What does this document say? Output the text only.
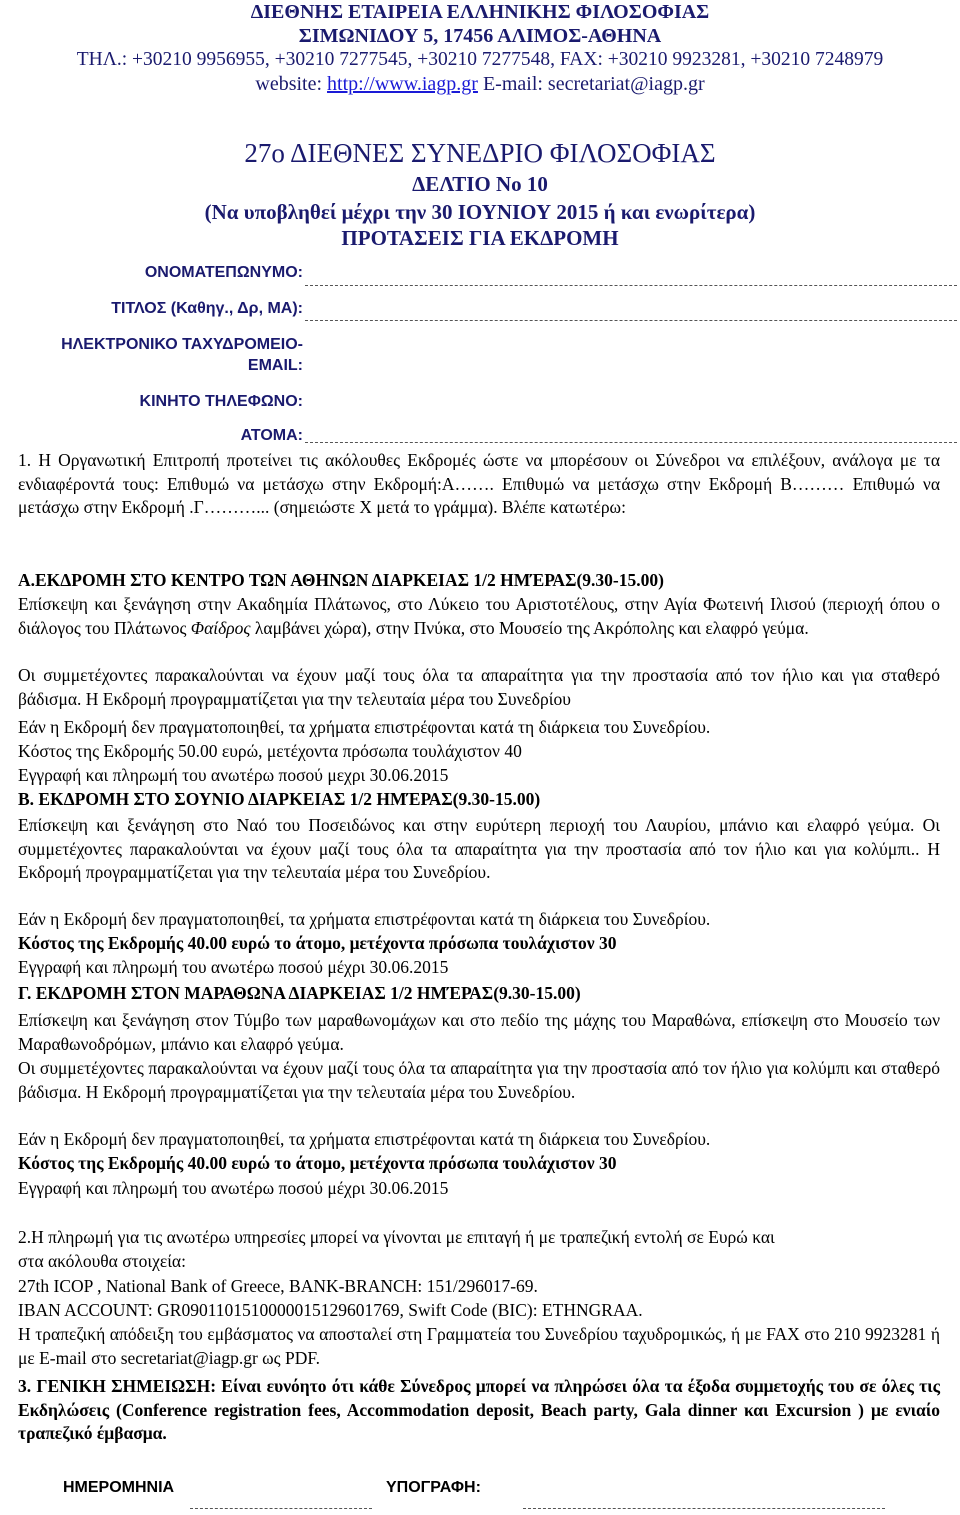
ΔΙΕΘΝΗΣ ΕΤΑΙΡΕΙΑ ΕΛΛΗΝΙΚΗΣ ΦΙΛΟΣΟΦΙΑΣ
ΣΙΜΩΝΙΔΟΥ 5, 17456 ΑΛΙΜΟΣ-ΑΘΗΝΑ
ΤΗΛ.: +30210 9956955, +30210 7277545, +30210 7277548, FAX: +30210 9923281, +30210 7248979
website: http://www.iagp.gr E-mail: secretariat@iagp.gr
27ο ΔΙΕΘΝΕΣ ΣΥΝΕΔΡΙΟ ΦΙΛΟΣΟΦΙΑΣ
ΔΕΛΤΙΟ Νο 10
(Να υποβληθεί μέχρι την 30 ΙΟΥΝΙΟΥ 2015 ή και ενωρίτερα)
ΠΡΟΤΑΣΕΙΣ ΓΙΑ ΕΚΔΡΟΜΗ
ΟΝΟΜΑΤΕΠΩΝΥΜΟ:
ΤΙΤΛΟΣ (Καθηγ., Δρ, ΜΑ):
ΗΛΕΚΤΡΟΝΙΚΟ ΤΑΧΥΔΡΟΜΕΙΟ-
EMAIL:
ΚΙΝΗΤΟ ΤΗΛΕΦΩΝΟ:
ΑΤΟΜΑ:
1. Η Οργανωτική Επιτροπή προτείνει τις ακόλουθες Εκδρομές ώστε να μπορέσουν οι Σύνεδροι να επιλέξουν, ανάλογα με τα ενδιαφέροντά τους: Επιθυμώ να μετάσχω στην Εκδρομή:Α……. Επιθυμώ να μετάσχω στην Εκδρομή Β……… Επιθυμώ να μετάσχω στην Εκδρομή .Γ………... (σημειώστε Χ μετά το γράμμα). Βλέπε κατωτέρω:
Α.ΕΚΔΡΟΜΗ ΣΤΟ ΚΕΝΤΡΟ ΤΩΝ ΑΘΗΝΩΝ ΔΙΑΡΚΕΙΑΣ 1/2 ΗΜΈΡΑΣ(9.30-15.00)
Επίσκεψη και ξενάγηση στην Ακαδημία Πλάτωνος, στο Λύκειο του Αριστοτέλους, στην Αγία Φωτεινή Ιλισού (περιοχή όπου ο διάλογος του Πλάτωνος Φαίδρος λαμβάνει χώρα), στην Πνύκα, στο Μουσείο της Ακρόπολης και ελαφρό γεύμα.
Οι συμμετέχοντες παρακαλούνται να έχουν μαζί τους όλα τα απαραίτητα για την προστασία από τον ήλιο και για σταθερό βάδισμα. Η Εκδρομή προγραμματίζεται για την τελευταία μέρα του Συνεδρίου
Εάν η Εκδρομή δεν πραγματοποιηθεί, τα χρήματα επιστρέφονται κατά τη διάρκεια του Συνεδρίου.
Κόστος της Εκδρομής 50.00 ευρώ, μετέχοντα πρόσωπα τουλάχιστον 40
Εγγραφή και πληρωμή του ανωτέρω ποσού μεχρι 30.06.2015
Β. ΕΚΔΡΟΜΗ ΣΤΟ ΣΟΥΝΙΟ ΔΙΑΡΚΕΙΑΣ 1/2 ΗΜΈΡΑΣ(9.30-15.00)
Επίσκεψη και ξενάγηση στο Ναό του Ποσειδώνος και στην ευρύτερη περιοχή του Λαυρίου, μπάνιο και ελαφρό γεύμα. Οι συμμετέχοντες παρακαλούνται να έχουν μαζί τους όλα τα απαραίτητα για την προστασία από τον ήλιο και για κολύμπι.. Η Εκδρομή προγραμματίζεται για την τελευταία μέρα του Συνεδρίου.
Εάν η Εκδρομή δεν πραγματοποιηθεί, τα χρήματα επιστρέφονται κατά τη διάρκεια του Συνεδρίου.
Κόστος της Εκδρομής 40.00 ευρώ το άτομο, μετέχοντα πρόσωπα τουλάχιστον 30
Εγγραφή και πληρωμή του ανωτέρω ποσού μέχρι 30.06.2015
Γ. ΕΚΔΡΟΜΗ ΣΤΟΝ ΜΑΡΑΘΩΝΑ ΔΙΑΡΚΕΙΑΣ 1/2 ΗΜΈΡΑΣ(9.30-15.00)
Επίσκεψη και ξενάγηση στον Τύμβο των μαραθωνομάχων και στο πεδίο της μάχης του Μαραθώνα, επίσκεψη στο Μουσείο των Μαραθωνοδρόμων, μπάνιο και ελαφρό γεύμα.
Οι συμμετέχοντες παρακαλούνται να έχουν μαζί τους όλα τα απαραίτητα για την προστασία από τον ήλιο για κολύμπι και σταθερό βάδισμα. Η Εκδρομή προγραμματίζεται για την τελευταία μέρα του Συνεδρίου.
Εάν η Εκδρομή δεν πραγματοποιηθεί, τα χρήματα επιστρέφονται κατά τη διάρκεια του Συνεδρίου.
Κόστος της Εκδρομής 40.00 ευρώ το άτομο, μετέχοντα πρόσωπα τουλάχιστον 30
Εγγραφή και πληρωμή του ανωτέρω ποσού μέχρι 30.06.2015
2.Η πληρωμή για τις ανωτέρω υπηρεσίες μπορεί να γίνονται με επιταγή ή με τραπεζική εντολή σε Ευρώ και στα ακόλουθα στοιχεία:
27th ICOP , National Bank of Greece, BANK-BRANCH: 151/296017-69.
IBAN ACCOUNT: GR0901101510000015129601769, Swift Code (BIC): ETHNGRAA.
Η τραπεζική απόδειξη του εμβάσματος να αποσταλεί στη Γραμματεία του Συνεδρίου ταχυδρομικώς, ή με FAX στο 210 9923281 ή με E-mail στο secretariat@iagp.gr ως PDF.
3. ΓΕΝΙΚΗ ΣΗΜΕΙΩΣΗ: Είναι ευνόητο ότι κάθε Σύνεδρος μπορεί να πληρώσει όλα τα έξοδα συμμετοχής του σε όλες τις Εκδηλώσεις (Conference registration fees, Accommodation deposit, Beach party, Gala dinner και Excursion ) με ενιαίο τραπεζικό έμβασμα.
ΗΜΕΡΟΜΗΝΙΑ	ΥΠΟΓΡΑΦΗ:
